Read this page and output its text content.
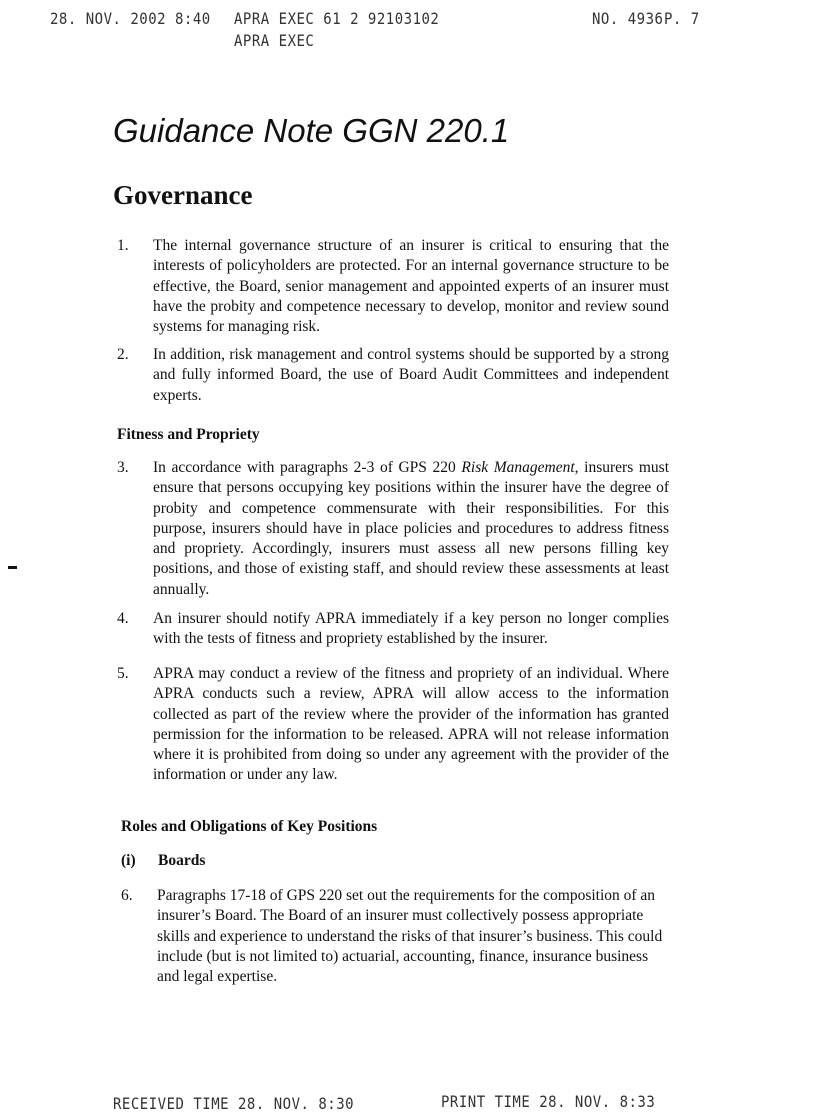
28. NOV. 2002 8:40 APRA EXEC 61 2 92103102
APRA EXEC
NO. 4936 P. 7
Guidance Note GGN 220.1
Governance
1.	The internal governance structure of an insurer is critical to ensuring that the interests of policyholders are protected. For an internal governance structure to be effective, the Board, senior management and appointed experts of an insurer must have the probity and competence necessary to develop, monitor and review sound systems for managing risk.
2.	In addition, risk management and control systems should be supported by a strong and fully informed Board, the use of Board Audit Committees and independent experts.
Fitness and Propriety
3.	In accordance with paragraphs 2-3 of GPS 220 Risk Management, insurers must ensure that persons occupying key positions within the insurer have the degree of probity and competence commensurate with their responsibilities. For this purpose, insurers should have in place policies and procedures to address fitness and propriety. Accordingly, insurers must assess all new persons filling key positions, and those of existing staff, and should review these assessments at least annually.
4.	An insurer should notify APRA immediately if a key person no longer complies with the tests of fitness and propriety established by the insurer.
5.	APRA may conduct a review of the fitness and propriety of an individual. Where APRA conducts such a review, APRA will allow access to the information collected as part of the review where the provider of the information has granted permission for the information to be released. APRA will not release information where it is prohibited from doing so under any agreement with the provider of the information or under any law.
Roles and Obligations of Key Positions
(i) Boards
6.	Paragraphs 17-18 of GPS 220 set out the requirements for the composition of an insurer’s Board. The Board of an insurer must collectively possess appropriate skills and experience to understand the risks of that insurer’s business. This could include (but is not limited to) actuarial, accounting, finance, insurance business and legal expertise.
RECEIVED TIME 28. NOV. 8:30	PRINT TIME 28. NOV. 8:33
